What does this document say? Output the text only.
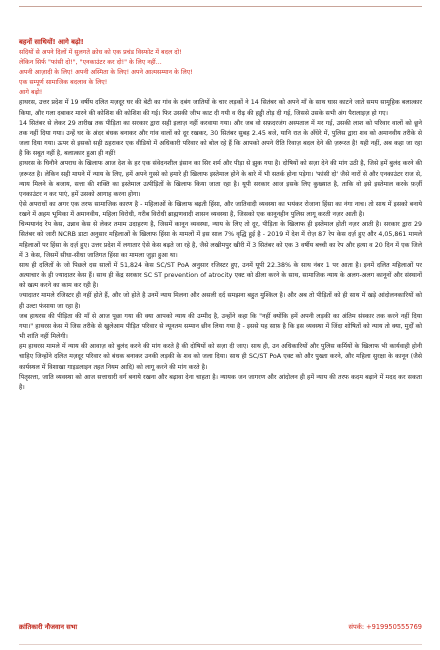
बहनों साथियों! आगे बढ़ो!
सदियों से अपने दिलों में सुलगते क्रोध को एक प्रचंड विस्फोट में बदल दो!
लेकिन सिर्फ "फांसी दो!", "एनकाउंटर कर दो!" के लिए नहीं...
अपनी आज़ादी के लिए! अपनी अस्मिता के लिए! अपने आत्मसम्मान के लिए!
एक सम्पूर्ण सामाजिक बदलाव के लिए!
आगे बढ़ो!

हाथरस, उत्तर प्रदेश में 19 वर्षीय दलित मज़दूर घर की बेटी का गांव के दबंग जातियों के चार लड़कों ने 14 सितंबर को अपने माँ के साथ घास काटने जाते समय सामूहिक बलात्कार किया, और गला दबाकर मारने की कोशिश की कोशिश की गई। फिर उसकी जीभ काट दी गयी व रीढ़ की हड्डी तोड़ दी गई, जिससे उसके सभी अंग पैरालाइज़ हो गए।

14 सितंबर से लेकर 29 तारीख तक पीड़िता का सरकार द्वारा सही इलाज़ नहीं करवाया गया। और जब वो सफ़दरजंग अस्पताल में मर गई, उसकी लाश को परिवार वालों को छूने तक नहीं दिया गया। उन्हें घर के अंदर बंधक बनाकर और गांव वालों को दूर रखकर, 30 सितंबर सुबह 2.45 बजे, यानि रात के अँधेरे में, पुलिस द्वारा शव को अमानवीय तरीके से जला दिया गया। ऊपर से इसको सही ठहराकर एक वीडियो में अधिकारी परिवार को बोल रहे हैं कि आपको अपने रीति रिवाज़ बदल देने की ज़रूरत है! यही नहीं, अब कहा जा रहा है कि सबूत नहीं है, बलात्कार हुआ ही नहीं!

हाथरस के घिनौने अपराध के खिलाफ आज देश के हर एक संवेदनशील इंसान का सिर शर्म और पीड़ा से झुक गया है। दोषियों को सज़ा देने की मांग उठी है, जिसे हमें बुलंद करने की ज़रूरत है। लेकिन सही मायने में न्याय के लिए, हमें अपने गुस्से को हमारे ही खिलाफ इस्तेमाल होने के बारे में भी सतर्क होना पड़ेगा। 'फांसी दो' जैसे नारों से और एनकाउंटर राज से, न्याय मिलने के बजाय, सत्ता की शक्ति का इस्तेमाल उत्पीड़ितों के खिलाफ किया जाता रहा है। यूपी सरकार आज इसके लिए कुख्यात है, ताकि वो इसे इस्तेमाल करके फ़र्ज़ी एनकाउंटर न कर पाएं, हमें उसको आगाह करना होगा।

ऐसे अपराधों का अगर एक तरफ सामाजिक कारण है - महिलाओं के खिलाफ बढ़ती हिंसा, और जातिवादी व्यवस्था का भयंकर रोजाना हिंसा का नंगा नाच। तो साथ में इसको बनाये रखने में अहम भूमिका में अमानवीय, महिला विरोधी, गरीब विरोधी ब्राह्मणवादी शासन व्यवस्था है, जिसको एक कानूनहीन पुलिस लागू करती नज़र आती है।

चिन्मयानंद रेप केस, उन्नाव केस से लेकर तमाम उदाहरण है, जिसमें कानून व्यवस्था, न्याय के लिए तो दूर, पीड़िता के खिलाफ ही इस्तेमाल होती नज़र आती है। सरकार द्वारा 29 सितंबर को जारी NCRB डाटा अनुसार महिलाओं के खिलाफ हिंसा के मामलों में इस साल 7% वृद्धि हुई है - 2019 में देश में रोज़ 87 रेप केस दर्ज़ हुए और 4,05,861 मामले महिलाओं पर हिंसा के दर्ज़ हुए। उत्तर प्रदेश में लगातार ऐसे केस बढ़ते जा रहे है, जैसे लखीमपुर खीरी में 3 सितंबर को एक 3 वर्षीय बच्ची का रेप और हत्या व 20 दिन में एक जिले में 3 केस, जिसमें सीधा-सीधा जातिगत हिंसा का मामला जुड़ा हुआ था।

साथ ही दलितों के जो पिछले दस सालों में 51,824 केस SC/ST PoA अनुसार रजिस्टर हुए, उनमें यूपी 22.38% के साथ नंबर 1 पर आता है। इनमें दलित महिलाओं पर अत्याचार के ही ज्यादातर केस हैं। साथ ही केंद्र सरकार SC ST prevention of atrocity एक्ट को ढीला करने के साथ, सामाजिक न्याय के अलग-अलग कानूनों और संस्थानों को खत्म करने का काम कर रही है।

ज्यादातर मामले रजिस्टर ही नहीं होते हैं, और जो होते है उनमें न्याय मिलना और असली दर्द समझना बहुत मुश्किल है। और अब तो पीड़ितों को ही साथ में खड़े आंदोलनकारियों को ही उल्टा फंसाया जा रहा है।

जब हाथरस की पीड़िता की माँ से आज पूछा गया की क्या आपको न्याय की उम्मीद है, उन्होंने कहा कि "नहीं क्योंकि हमें अपनी लड़की का अंतिम संस्कार तक करने नहीं दिया गया।" हाथरस केस में जिस तरीके से खुलेआम पीड़ित परिवार से न्यूनतम सम्मान छीन लिया गया है - इससे यह साफ़ है कि इस व्यवस्था में जिंदा शोषितों को न्याय तो क्या, मुर्दों को भी शांति नहीं मिलेगी।

हम हाथरस मामले में न्याय की आवाज़ को बुलंद करने की मांग करते है की दोषियों को सज़ा दी जाए। साथ ही, उन अधिकारियों और पुलिस कर्मियों के खिलाफ भी कार्यवाही होनी चाहिए जिन्होंने दलित मज़दूर परिवार को बंधक बनाकर उनकी लड़की के शव को जला दिया। साथ ही SC/ST PoA एक्ट को और पुख्ता करने, और महिला सुरक्षा के कानून (जैसे कार्यस्थल में विशाखा गाइडलाइन तहत नियम आदि) को लागू करने की मांग करते है।

पितृसत्ता, जाति व्यवस्था को आज सत्ताधारी वर्ग बनाये रखना और बढ़ावा देना चाहता है। न्यायक जन जागरण और आंदोलन ही हमें न्याय की तरफ कदम बढ़ाने में मदद कर सकता है।

क्रांतिकारी नौजवान सभा	संपर्क: +919950555769
